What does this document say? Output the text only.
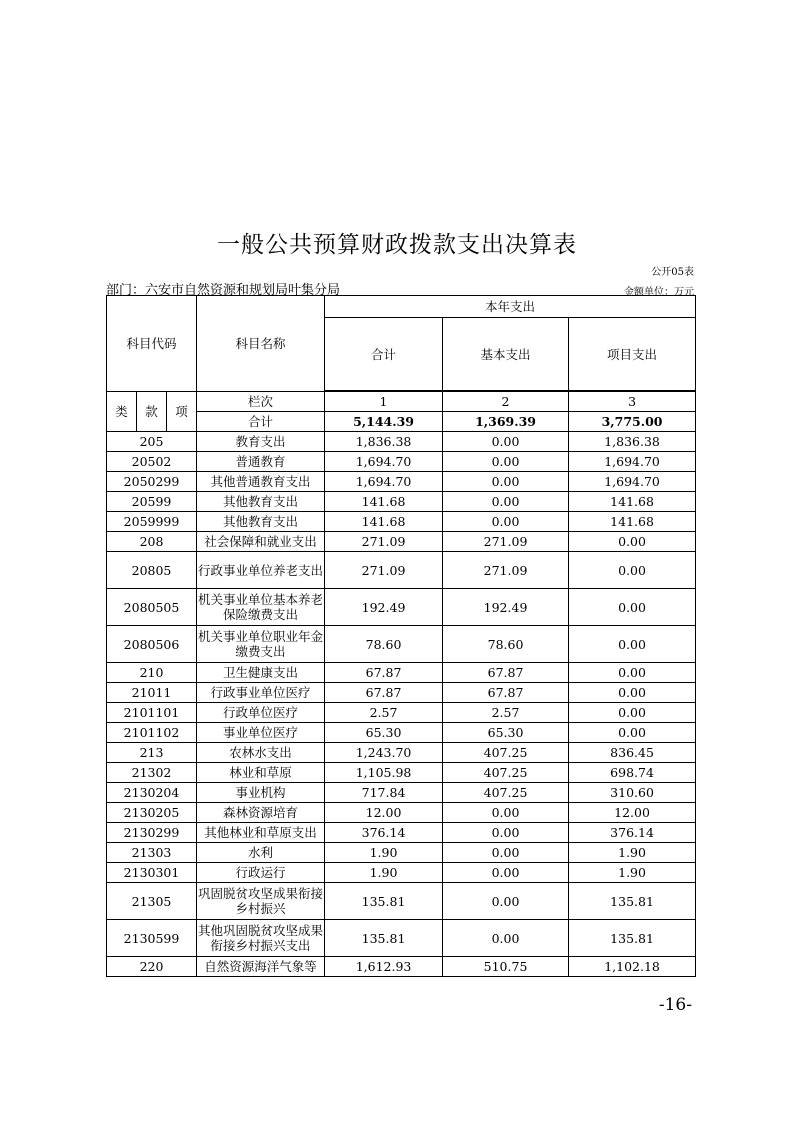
一般公共预算财政拨款支出决算表
公开05表
部门：六安市自然资源和规划局叶集分局	金额单位：万元
科目代码			科目名称	本年支出		
				合计	基本支出	项目支出

类	款	项	栏次	1	2	3
			合计	5,144.39	1,369.39	3,775.00
205			教育支出	1,836.38	0.00	1,836.38
20502			普通教育	1,694.70	0.00	1,694.70
2050299			其他普通教育支出	1,694.70	0.00	1,694.70
20599			其他教育支出	141.68	0.00	141.68
2059999			其他教育支出	141.68	0.00	141.68
208			社会保障和就业支出	271.09	271.09	0.00
20805			行政事业单位养老支出	271.09	271.09	0.00
2080505			机关事业单位基本养老保险缴费支出	192.49	192.49	0.00
2080506			机关事业单位职业年金缴费支出	78.60	78.60	0.00
210			卫生健康支出	67.87	67.87	0.00
21011			行政事业单位医疗	67.87	67.87	0.00
2101101			行政单位医疗	2.57	2.57	0.00
2101102			事业单位医疗	65.30	65.30	0.00
213			农林水支出	1,243.70	407.25	836.45
21302			林业和草原	1,105.98	407.25	698.74
2130204			事业机构	717.84	407.25	310.60
2130205			森林资源培育	12.00	0.00	12.00
2130299			其他林业和草原支出	376.14	0.00	376.14
21303			水利	1.90	0.00	1.90
2130301			行政运行	1.90	0.00	1.90
21305			巩固脱贫攻坚成果衔接乡村振兴	135.81	0.00	135.81
2130599			其他巩固脱贫攻坚成果衔接乡村振兴支出	135.81	0.00	135.81
220			自然资源海洋气象等	1,612.93	510.75	1,102.18
-16-
